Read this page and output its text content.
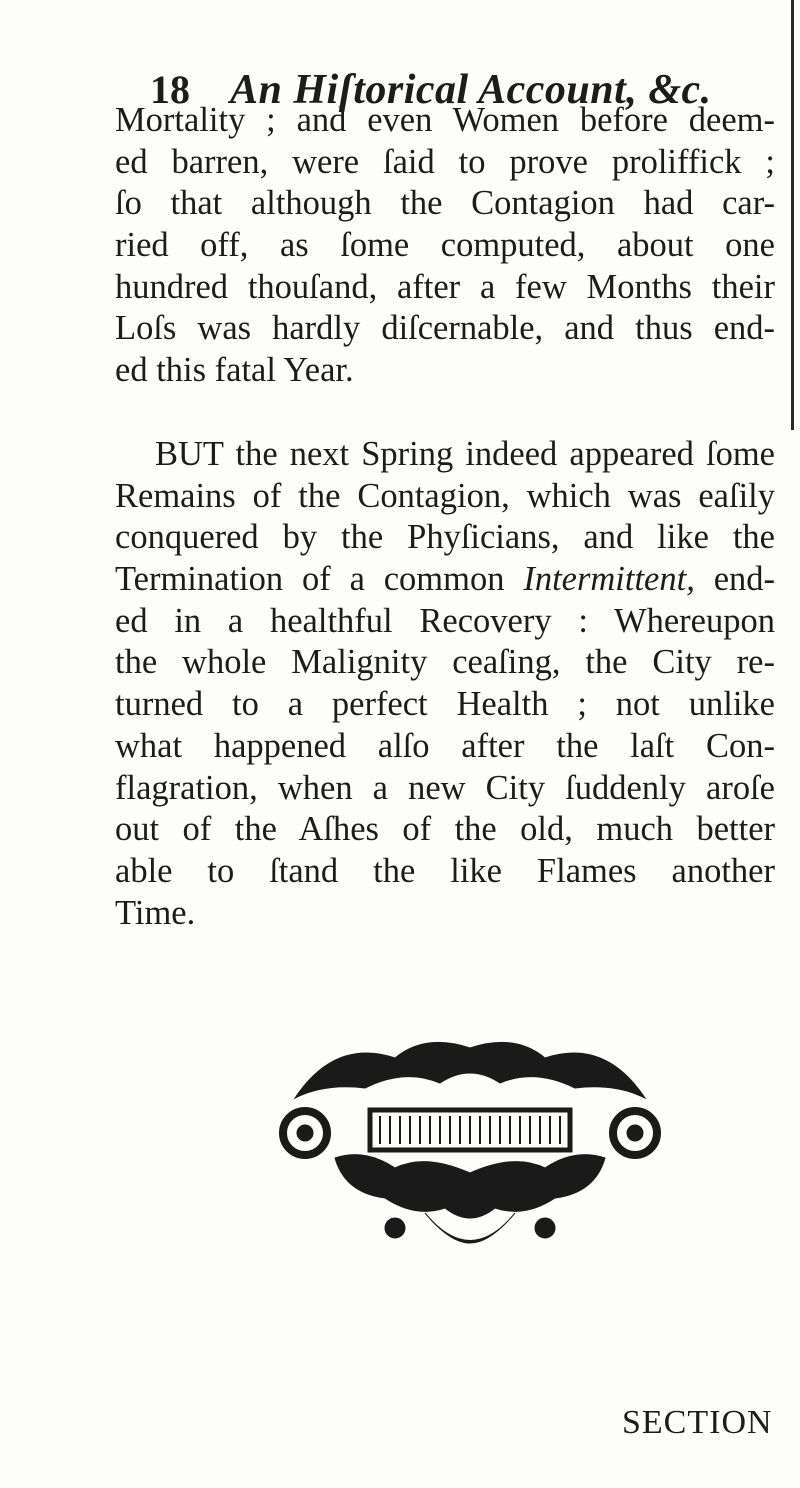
18 An Hiſtorical Account, &c.
Mortality ; and even Women before deem-
ed barren, were ſaid to prove proliffick ;
ſo that although the Contagion had car-
ried off, as ſome computed, about one
hundred thouſand, after a few Months their
Loſs was hardly diſcernable, and thus end-
ed this fatal Year.
BUT the next Spring indeed appeared ſome
Remains of the Contagion, which was eaſily
conquered by the Phyſicians, and like the
Termination of a common Intermittent, end-
ed in a healthful Recovery : Whereupon
the whole Malignity ceaſing, the City re-
turned to a perfect Health ; not unlike
what happened alſo after the laſt Con-
flagration, when a new City ſuddenly aroſe
out of the Aſhes of the old, much better
able to ſtand the like Flames another
Time.
SECTION
